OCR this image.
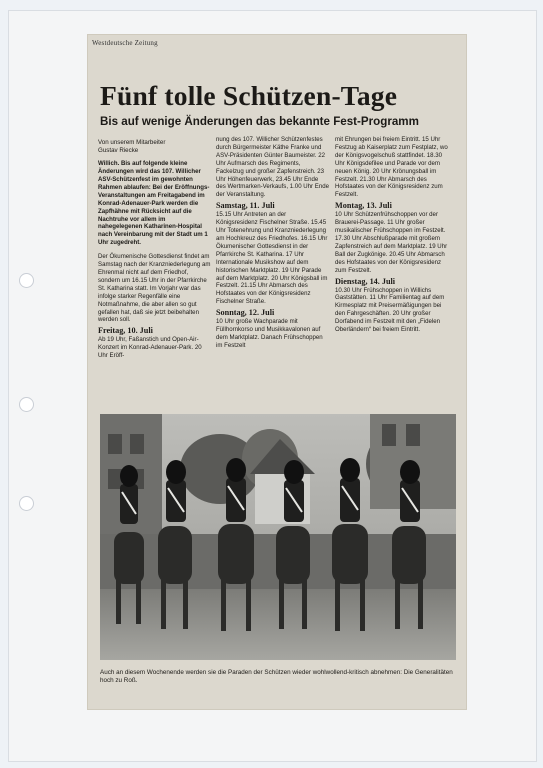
Westdeutsche Zeitung
Fünf tolle Schützen-Tage
Bis auf wenige Änderungen das bekannte Fest-Programm
Von unserem Mitarbeiter
Gustav Riecke

Willich. Bis auf folgende kleine Änderungen wird das 107. Willicher ASV-Schützenfest im gewohnten Rahmen ablaufen: Bei der Eröffnungs-Veranstaltungen am Freitagabend im Konrad-Adenauer-Park werden die Zapfhähne mit Rücksicht auf die Nachtruhe vor allem im nahegelegenen Katharinen-Hospital nach Vereinbarung mit der Stadt um 1 Uhr zugedreht.

Der Ökumenische Gottesdienst findet am Samstag nach der Kranzniederlegung am Ehrenmal nicht auf dem Friedhof, sondern um 16.15 Uhr in der Pfarrkirche St. Katharina statt. Im Vorjahr war das infolge starker Regenfälle eine Notmaßnahme, die aber allen so gut gefallen hat, daß sie jetzt beibehalten werden soll.

Freitag, 10. Juli

Ab 19 Uhr, Faßanstich und Open-Air-Konzert im Konrad-Adenauer-Park. 20 Uhr Eröff-

nung des 107. Willicher Schützenfestes durch Bürgermeister Käthe Franke und ASV-Präsidenten Günter Baumeister. 22 Uhr Aufmarsch des Regiments, Fackelzug und großer Zapfenstreich. 23 Uhr Höhenfeuerwerk, 23.45 Uhr Ende des Wertmarken-Verkaufs, 1.00 Uhr Ende der Veranstaltung.

Samstag, 11. Juli

15.15 Uhr Antreten an der Königsresidenz Fischelner Straße. 15.45 Uhr Totenehrung und Kranzniederlegung am Hochkreuz des Friedhofes. 16.15 Uhr Ökumenischer Gottesdienst in der Pfarrkirche St. Katharina. 17 Uhr Internationale Musikshow auf dem historischen Marktplatz. 19 Uhr Parade auf dem Marktplatz. 20 Uhr Königsball im Festzelt. 21.15 Uhr Abmarsch des Hofstaates von der Königsresidenz Fischelner Straße.

Sonntag, 12. Juli

10 Uhr große Wachparade mit Füllhornkorso und Musikkavalonen auf dem Marktplatz. Danach Frühschoppen im Festzelt

mit Ehrungen bei freiem Eintritt. 15 Uhr Festzug ab Kaiserplatz zum Festplatz, wo der Königsvogelschuß stattfindet. 18.30 Uhr Königsdefilee und Parade vor dem neuen König. 20 Uhr Krönungsball im Festzelt. 21.30 Uhr Abmarsch des Hofstaates von der Königsresidenz zum Festzelt.

Montag, 13. Juli

10 Uhr Schützenfrühschoppen vor der Brauerei-Passage. 11 Uhr großer musikalischer Frühschoppen im Festzelt. 17.30 Uhr Abschlußparade mit großem Zapfenstreich auf dem Marktplatz. 19 Uhr Ball der Zugkönige. 20.45 Uhr Abmarsch des Hofstaates von der Königsresidenz zum Festzelt.

Dienstag, 14. Juli

10.30 Uhr Frühschoppen in Willichs Gaststätten. 11 Uhr Familientag auf dem Kirmesplatz mit Preisermäßigungen bei den Fahrgeschäften. 20 Uhr großer Dorfabend im Festzelt mit den „Fidelen Oberländern“ bei freiem Eintritt.

Auch an diesem Wochenende werden sie die Paraden der Schützen wieder wohlwollend-kritisch abnehmen: Die Generalitäten hoch zu Roß.
